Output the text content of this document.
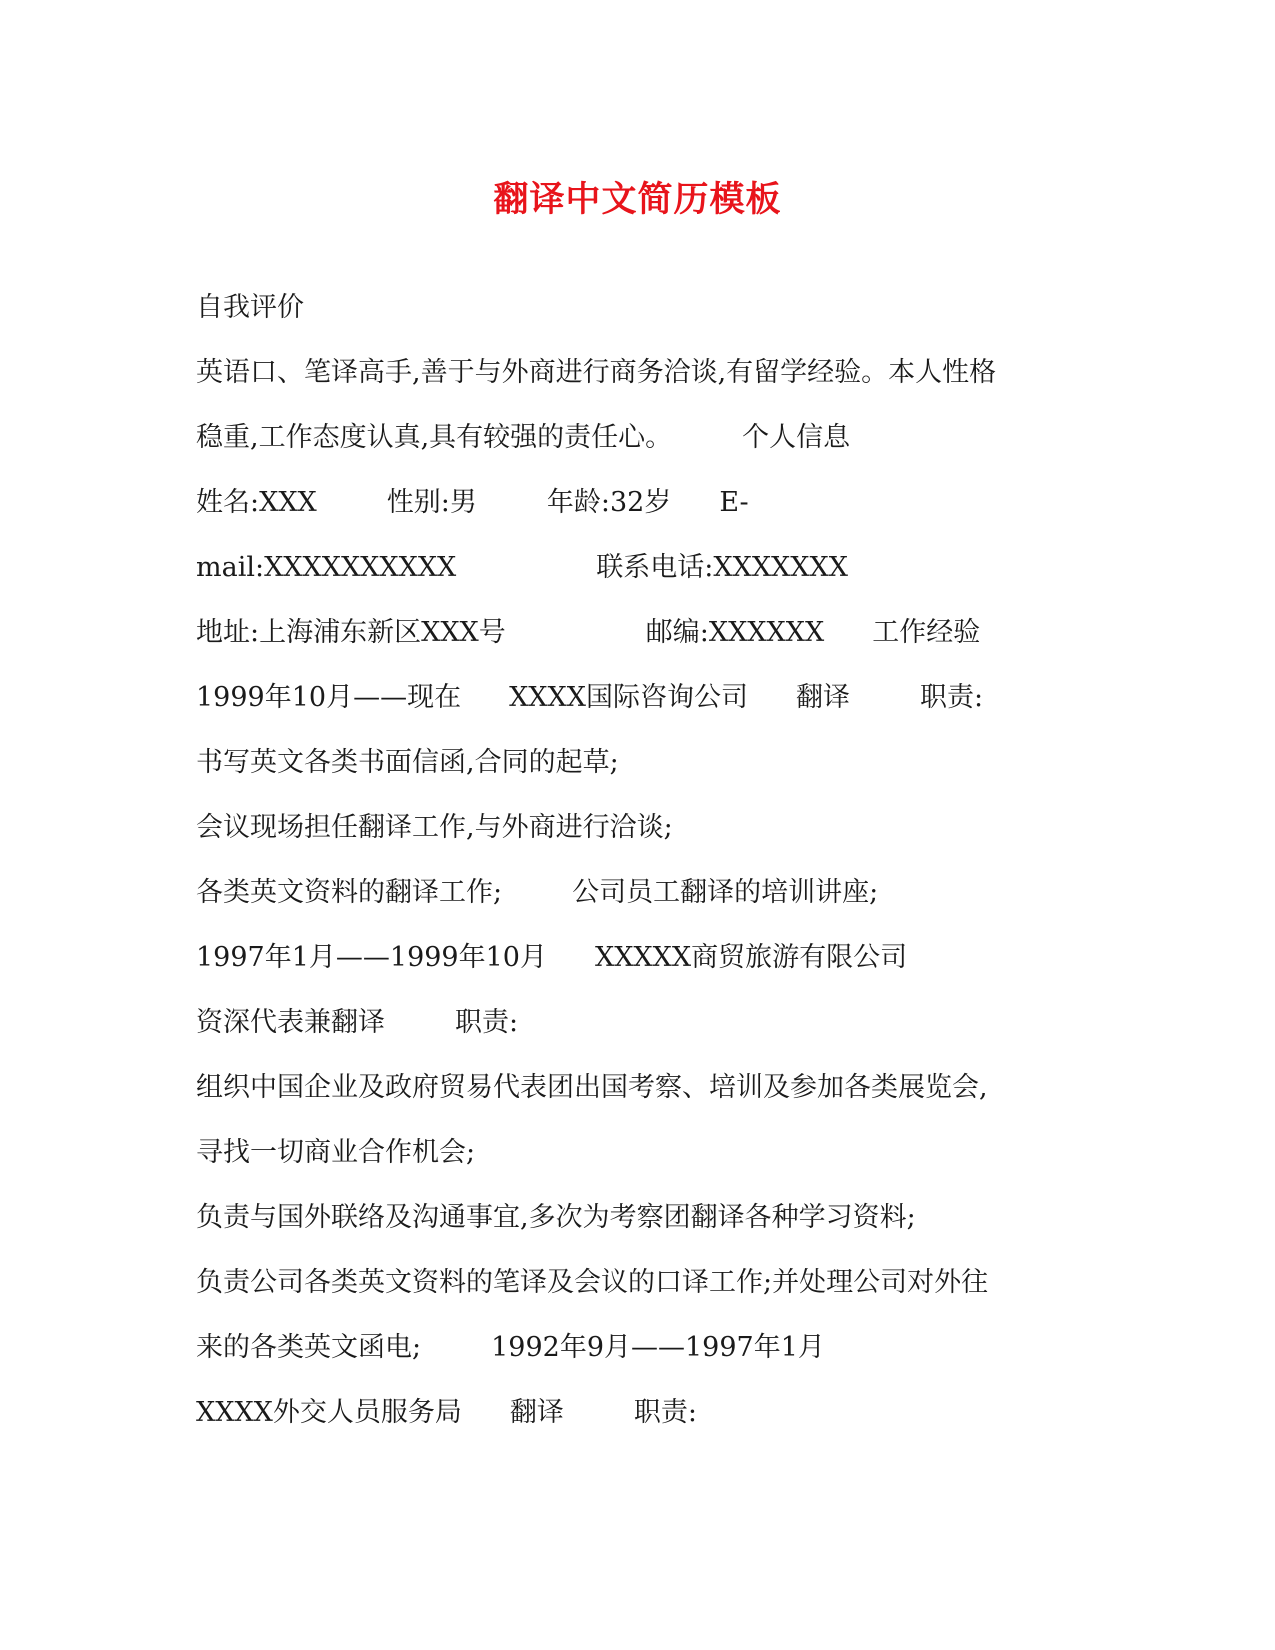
翻译中文简历模板
自我评价
英语口、笔译高手,善于与外商进行商务洽谈,有留学经验。本人性格
稳重,工作态度认真,具有较强的责任心。	个人信息
姓名:XXX	性别:男	年龄:32岁 E-
mail:XXXXXXXXXX	联系电话:XXXXXXX
地址:上海浦东新区XXX号	邮编:XXXXXX 工作经验
1999年10月——现在 XXXX国际咨询公司 翻译	职责:
书写英文各类书面信函,合同的起草;
会议现场担任翻译工作,与外商进行洽谈;
各类英文资料的翻译工作;	公司员工翻译的培训讲座;
1997年1月——1999年10月 XXXXX商贸旅游有限公司
资深代表兼翻译	职责:
组织中国企业及政府贸易代表团出国考察、培训及参加各类展览会,
寻找一切商业合作机会;
负责与国外联络及沟通事宜,多次为考察团翻译各种学习资料;
负责公司各类英文资料的笔译及会议的口译工作;并处理公司对外往
来的各类英文函电;	1992年9月——1997年1月
XXXX外交人员服务局 翻译	职责:
